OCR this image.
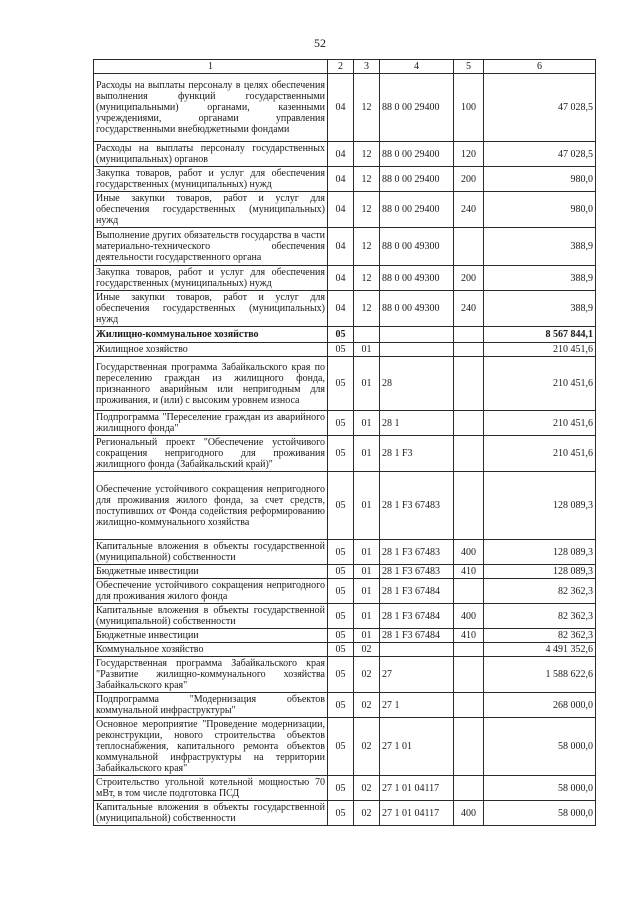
52
1	2	3	4	5	6
Расходы на выплаты персоналу в целях обеспечения выполнения функций государственными (муниципальными) органами, казенными учреждениями, органами управления государственными внебюджетными фондами	04	12	88 0 00 29400	100	47 028,5
Расходы на выплаты персоналу государственных (муниципальных) органов	04	12	88 0 00 29400	120	47 028,5
Закупка товаров, работ и услуг для обеспечения государственных (муниципальных) нужд	04	12	88 0 00 29400	200	980,0
Иные закупки товаров, работ и услуг для обеспечения государственных (муниципальных) нужд	04	12	88 0 00 29400	240	980,0
Выполнение других обязательств государства в части материально-технического обеспечения деятельности государственного органа	04	12	88 0 00 49300		388,9
Закупка товаров, работ и услуг для обеспечения государственных (муниципальных) нужд	04	12	88 0 00 49300	200	388,9
Иные закупки товаров, работ и услуг для обеспечения государственных (муниципальных) нужд	04	12	88 0 00 49300	240	388,9
Жилищно-коммунальное хозяйство	05				8 567 844,1
Жилищное хозяйство	05	01			210 451,6
Государственная программа Забайкальского края по переселению граждан из жилищного фонда, признанного аварийным или непригодным для проживания, и (или) с высоким уровнем износа	05	01	28		210 451,6
Подпрограмма "Переселение граждан из аварийного жилищного фонда"	05	01	28 1		210 451,6
Региональный проект "Обеспечение устойчивого сокращения непригодного для проживания жилищного фонда (Забайкальский край)"	05	01	28 1 F3		210 451,6
Обеспечение устойчивого сокращения непригодного для проживания жилого фонда, за счет средств, поступивших от Фонда содействия реформированию жилищно-коммунального хозяйства	05	01	28 1 F3 67483		128 089,3
Капитальные вложения в объекты государственной (муниципальной) собственности	05	01	28 1 F3 67483	400	128 089,3
Бюджетные инвестиции	05	01	28 1 F3 67483	410	128 089,3
Обеспечение устойчивого сокращения непригодного для проживания жилого фонда	05	01	28 1 F3 67484		82 362,3
Капитальные вложения в объекты государственной (муниципальной) собственности	05	01	28 1 F3 67484	400	82 362,3
Бюджетные инвестиции	05	01	28 1 F3 67484	410	82 362,3
Коммунальное хозяйство	05	02			4 491 352,6
Государственная программа Забайкальского края "Развитие жилищно-коммунального хозяйства Забайкальского края"	05	02	27		1 588 622,6
Подпрограмма "Модернизация объектов коммунальной инфраструктуры"	05	02	27 1		268 000,0
Основное мероприятие "Проведение модернизации, реконструкции, нового строительства объектов теплоснабжения, капитального ремонта объектов коммунальной инфраструктуры на территории Забайкальского края"	05	02	27 1 01		58 000,0
Строительство угольной котельной мощностью 70 мВт, в том числе подготовка ПСД	05	02	27 1 01 04117		58 000,0
Капитальные вложения в объекты государственной (муниципальной) собственности	05	02	27 1 01 04117	400	58 000,0
